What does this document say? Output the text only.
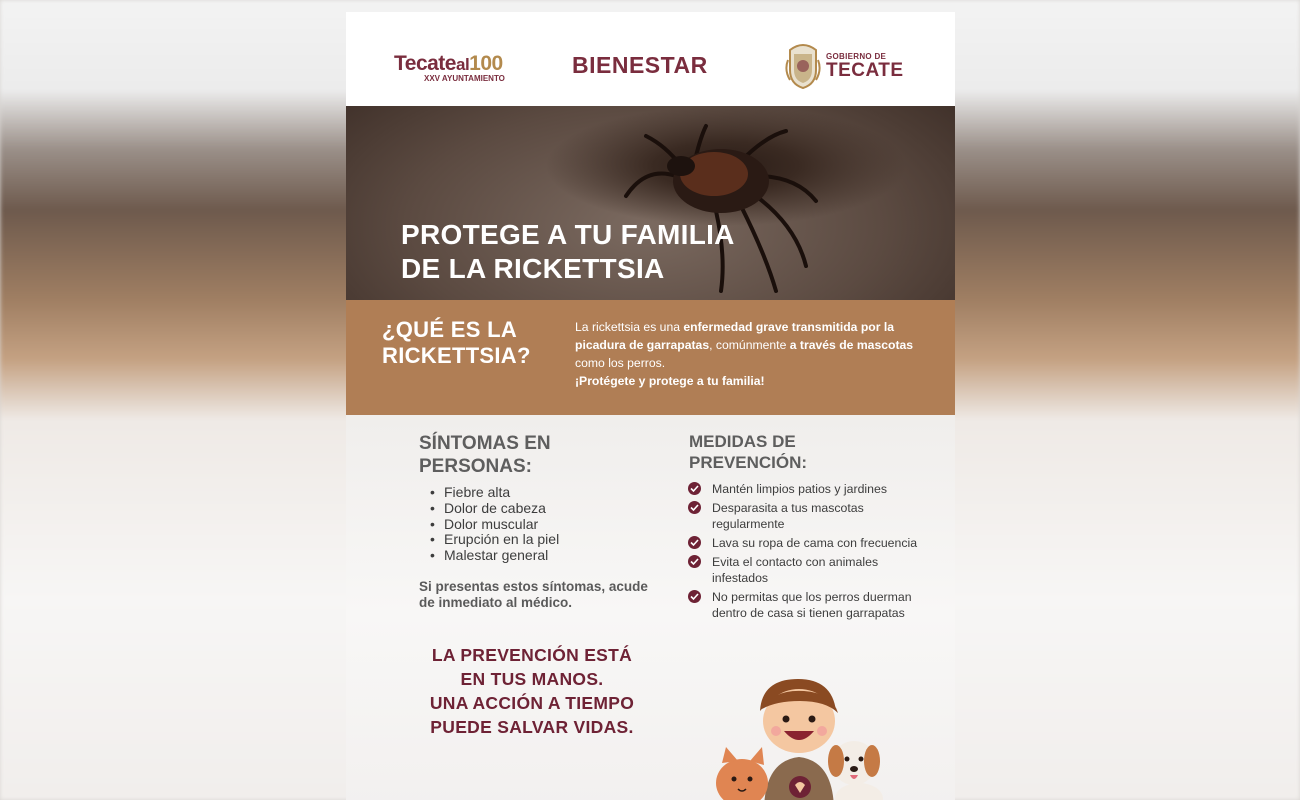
Tecateal100
XXV AYUNTAMIENTO
BIENESTAR	GOBIERNO DE
TECATE
PROTEGE A TU FAMILIA
DE LA RICKETTSIA
¿QUÉ ES LA
RICKETTSIA?
La rickettsia es una enfermedad grave transmitida por la picadura de garrapatas, comúnmente a través de mascotas como los perros.
¡Protégete y protege a tu familia!
SÍNTOMAS EN
PERSONAS:
• Fiebre alta
• Dolor de cabeza
• Dolor muscular
• Erupción en la piel
• Malestar general
Si presentas estos síntomas, acude de inmediato al médico.
LA PREVENCIÓN ESTÁ
EN TUS MANOS.
UNA ACCIÓN A TIEMPO
PUEDE SALVAR VIDAS.
MEDIDAS DE
PREVENCIÓN:
Mantén limpios patios y jardines
Desparasita a tus mascotas regularmente
Lava su ropa de cama con frecuencia
Evita el contacto con animales infestados
No permitas que los perros duerman dentro de casa si tienen garrapatas
